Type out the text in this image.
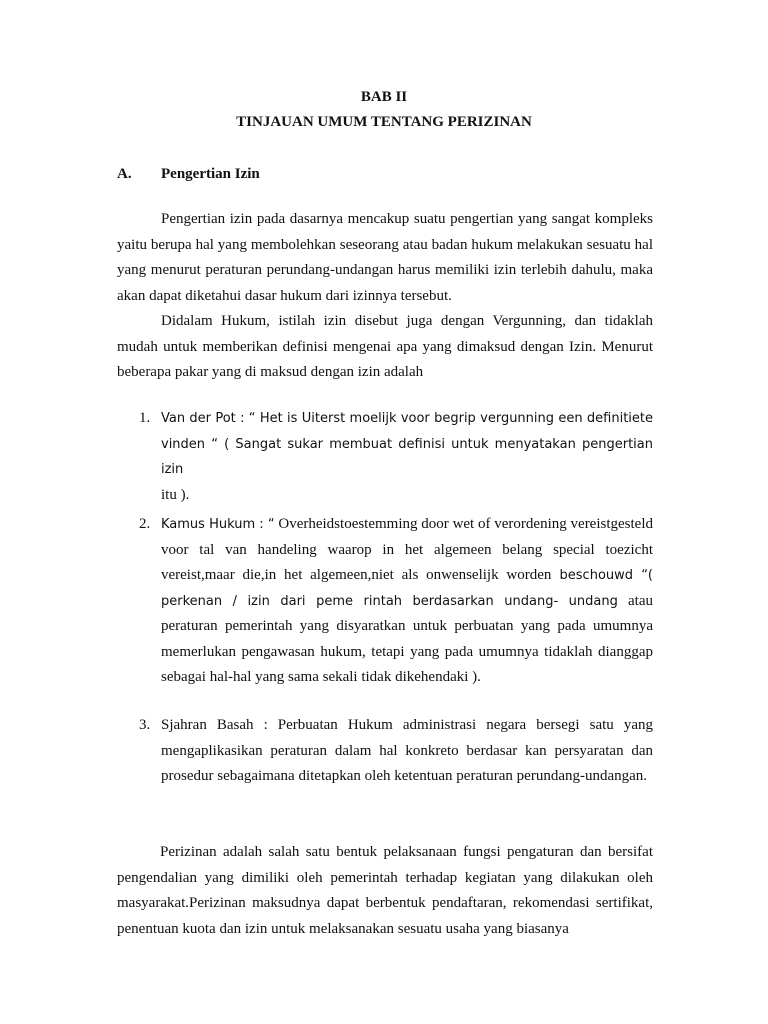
BAB II
TINJAUAN UMUM TENTANG PERIZINAN
A. Pengertian Izin

Pengertian izin pada dasarnya mencakup suatu pengertian yang sangat kompleks yaitu berupa hal yang membolehkan seseorang atau badan hukum melakukan sesuatu hal yang menurut peraturan perundang-undangan harus memiliki izin terlebih dahulu, maka akan dapat diketahui dasar hukum dari izinnya tersebut.

Didalam Hukum, istilah izin disebut juga dengan Vergunning, dan tidaklah mudah untuk memberikan definisi mengenai apa yang dimaksud dengan Izin. Menurut beberapa pakar yang di maksud dengan izin adalah

1. Van der Pot : “ Het is Uiterst moelijk voor begrip vergunning een definitiete vinden “ ( Sangat sukar membuat definisi untuk menyatakan pengertian izin
itu ).

2. Kamus Hukum : “ Overheidstoestemming door wet of verordening vereistgesteld voor tal van handeling waarop in het algemeen belang special toezicht vereist,maar die,in het algemeen,niet als onwenselijk worden beschouwd “( perkenan / izin dari peme rintah berdasarkan undang- undang atau peraturan pemerintah yang disyaratkan untuk perbuatan yang pada umumnya memerlukan pengawasan hukum, tetapi yang pada umumnya tidaklah dianggap sebagai hal-hal yang sama sekali tidak dikehendaki ).

3. Sjahran Basah : Perbuatan Hukum administrasi negara bersegi satu yang mengaplikasikan peraturan dalam hal konkreto berdasar kan persyaratan dan prosedur sebagaimana ditetapkan oleh ketentuan peraturan perundang-undangan.

Perizinan adalah salah satu bentuk pelaksanaan fungsi pengaturan dan bersifat pengendalian yang dimiliki oleh pemerintah terhadap kegiatan yang dilakukan oleh masyarakat.Perizinan maksudnya dapat berbentuk pendaftaran, rekomendasi sertifikat, penentuan kuota dan izin untuk melaksanakan sesuatu usaha yang biasanya
